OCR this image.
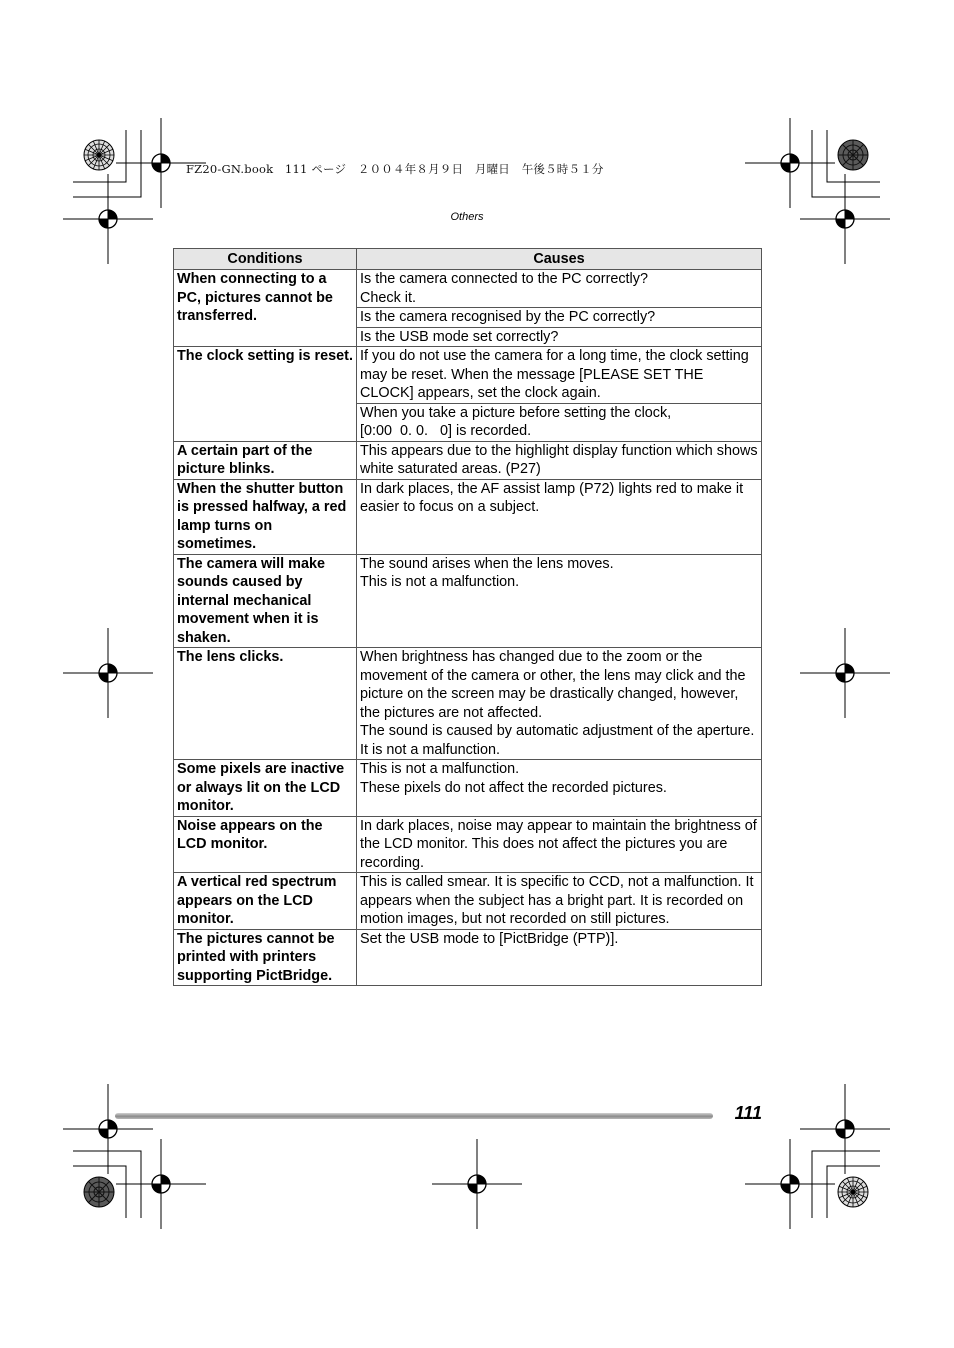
FZ20-GN.book　111 ページ　２００４年８月９日　月曜日　午後５時５１分
Others
Conditions	Causes
When connecting to a PC, pictures cannot be transferred.	Is the camera connected to the PC correctly?
Check it.

	Is the camera recognised by the PC correctly?

	Is the USB mode set correctly?

The clock setting is reset.	If you do not use the camera for a long time, the clock setting may be reset. When the message [PLEASE SET THE CLOCK] appears, set the clock again.

	When you take a picture before setting the clock,
[0:00  0. 0.   0] is recorded.

A certain part of the picture blinks.	This appears due to the highlight display function which shows white saturated areas. (P27)

When the shutter button is pressed halfway, a red lamp turns on sometimes.	In dark places, the AF assist lamp (P72) lights red to make it easier to focus on a subject.

The camera will make sounds caused by internal mechanical movement when it is shaken.	The sound arises when the lens moves.
This is not a malfunction.

The lens clicks.	When brightness has changed due to the zoom or the movement of the camera or other, the lens may click and the picture on the screen may be drastically changed, however, the pictures are not affected.
The sound is caused by automatic adjustment of the aperture. It is not a malfunction.

Some pixels are inactive or always lit on the LCD monitor.	This is not a malfunction.
These pixels do not affect the recorded pictures.

Noise appears on the LCD monitor.	In dark places, noise may appear to maintain the brightness of the LCD monitor. This does not affect the pictures you are recording.

A vertical red spectrum appears on the LCD monitor.	This is called smear. It is specific to CCD, not a malfunction. It appears when the subject has a bright part. It is recorded on motion images, but not recorded on still pictures.

The pictures cannot be printed with printers supporting PictBridge.	Set the USB mode to [PictBridge (PTP)].
111
